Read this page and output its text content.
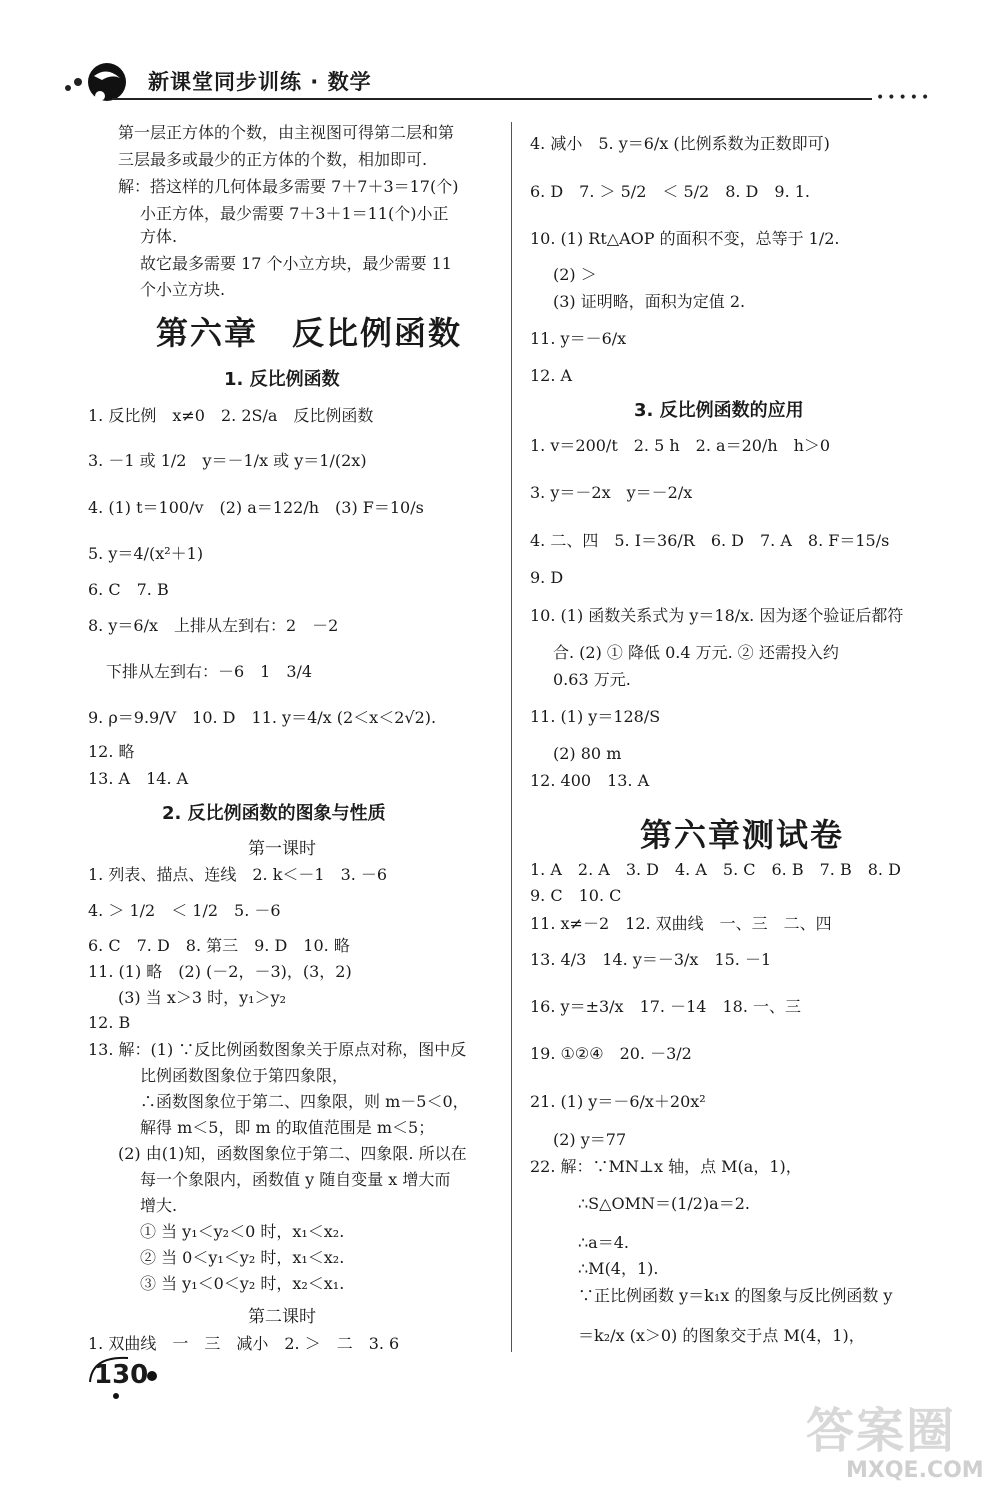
新课堂同步训练 · 数学
•••••
第一层正方体的个数，由主视图可得第二层和第
三层最多或最少的正方体的个数，相加即可.
解：搭这样的几何体最多需要 7＋7＋3＝17(个)
小正方体，最少需要 7＋3＋1＝11(个)小正
方体.
故它最多需要 17 个小立方块，最少需要 11
个小立方块.
第六章　反比例函数
1. 反比例函数
1. 反比例　x≠0　2. 2S/a　反比例函数
3. －1 或 1/2　y＝－1/x 或 y＝1/(2x)
4. (1) t＝100/v　(2) a＝122/h　(3) F＝10/s
5. y＝4/(x²＋1)
6. C　7. B
8. y＝6/x　上排从左到右：2　－2
下排从左到右：－6　1　3/4
9. ρ＝9.9/V　10. D　11. y＝4/x (2＜x＜2√2).
12. 略
13. A　14. A
2. 反比例函数的图象与性质
第一课时
1. 列表、描点、连线　2. k＜－1　3. －6
4. ＞ 1/2　＜ 1/2　5. －6
6. C　7. D　8. 第三　9. D　10. 略
11. (1) 略　(2) (－2，－3)，(3，2)
(3) 当 x＞3 时，y₁＞y₂
12. B
13. 解：(1) ∵反比例函数图象关于原点对称，图中反
比例函数图象位于第四象限，
∴函数图象位于第二、四象限，则 m－5＜0，
解得 m＜5，即 m 的取值范围是 m＜5；
(2) 由(1)知，函数图象位于第二、四象限. 所以在
每一个象限内，函数值 y 随自变量 x 增大而
增大.
① 当 y₁＜y₂＜0 时，x₁＜x₂.
② 当 0＜y₁＜y₂ 时，x₁＜x₂.
③ 当 y₁＜0＜y₂ 时，x₂＜x₁.
第二课时
1. 双曲线　一　三　减小　2. ＞　二　3. 6
4. 减小　5. y＝6/x (比例系数为正数即可)
6. D　7. ＞ 5/2　＜ 5/2　8. D　9. 1.
10. (1) Rt△AOP 的面积不变，总等于 1/2.
(2) ＞
(3) 证明略，面积为定值 2.
11. y＝－6/x
12. A
3. 反比例函数的应用
1. v＝200/t　2. 5 h　2. a＝20/h　h＞0
3. y＝－2x　y＝－2/x
4. 二、四　5. I＝36/R　6. D　7. A　8. F＝15/s
9. D
10. (1) 函数关系式为 y＝18/x. 因为逐个验证后都符
合. (2) ① 降低 0.4 万元. ② 还需投入约
0.63 万元.
11. (1) y＝128/S
(2) 80 m
12. 400　13. A
第六章测试卷
1. A　2. A　3. D　4. A　5. C　6. B　7. B　8. D
9. C　10. C
11. x≠－2　12. 双曲线　一、三　二、四
13. 4/3　14. y＝－3/x　15. －1
16. y＝±3/x　17. －14　18. 一、三
19. ①②④　20. －3/2
21. (1) y＝－6/x＋20x²
(2) y＝77
22. 解：∵MN⊥x 轴，点 M(a，1)，
∴S△OMN＝(1/2)a＝2.
∴a＝4.
∴M(4，1).
∵正比例函数 y＝k₁x 的图象与反比例函数 y
＝k₂/x (x＞0) 的图象交于点 M(4，1)，
130
答案圈
MXQE.COM
